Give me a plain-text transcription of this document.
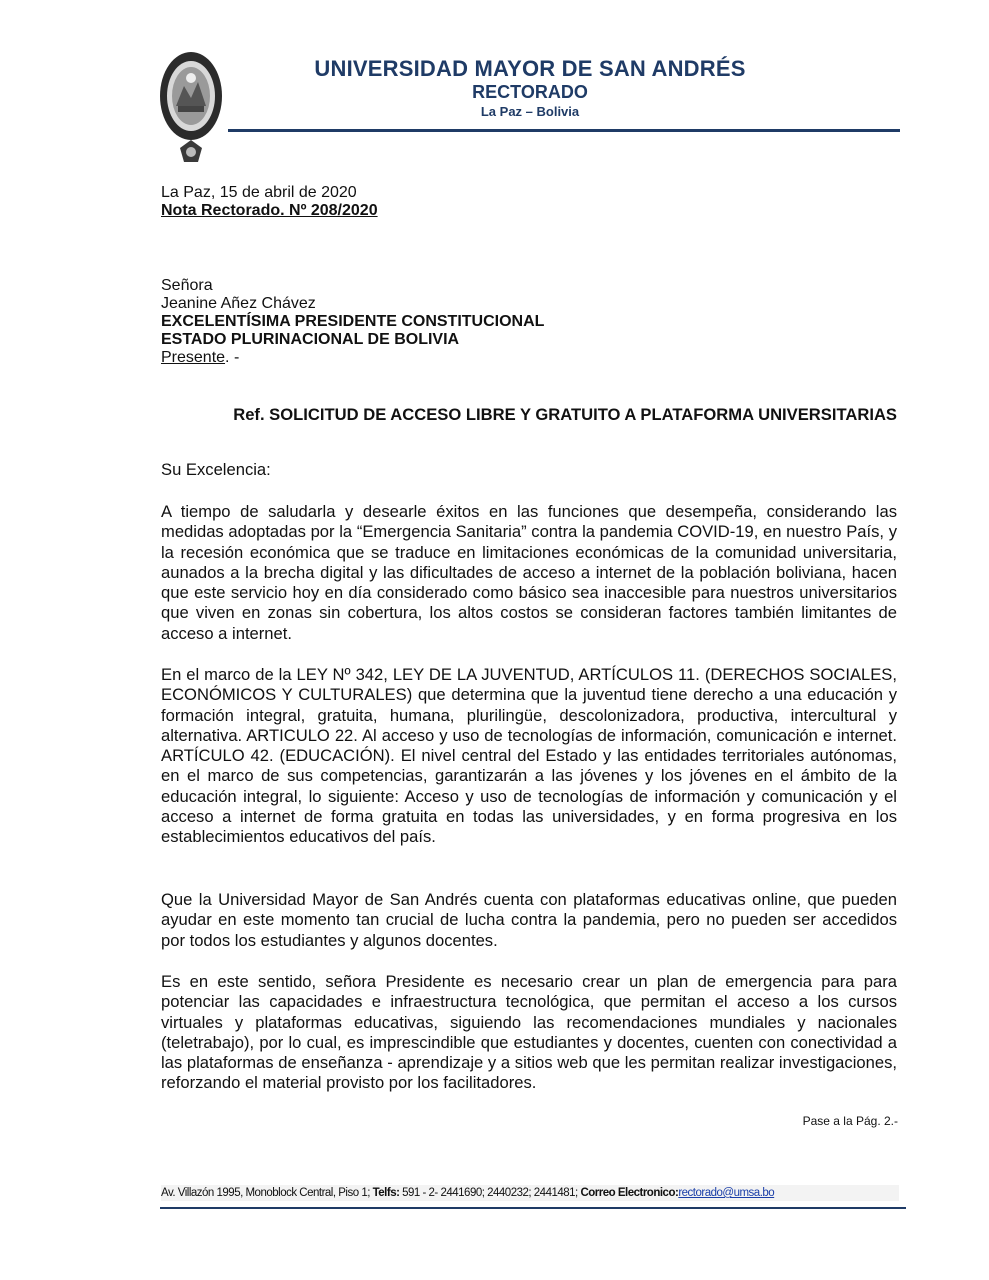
UNIVERSIDAD MAYOR DE SAN ANDRÉS
RECTORADO
La Paz – Bolivia
La Paz, 15 de abril de 2020
Nota Rectorado. Nº 208/2020
Señora
Jeanine Añez Chávez
EXCELENTÍSIMA PRESIDENTE CONSTITUCIONAL
ESTADO PLURINACIONAL DE BOLIVIA
Presente. -
Ref. SOLICITUD DE ACCESO LIBRE Y GRATUITO A PLATAFORMA UNIVERSITARIAS
Su Excelencia:
A tiempo de saludarla y desearle éxitos en las funciones que desempeña, considerando las medidas adoptadas por la “Emergencia Sanitaria” contra la pandemia COVID-19, en nuestro País, y la recesión económica que se traduce en limitaciones económicas de la comunidad universitaria, aunados a la brecha digital y las dificultades de acceso a internet de la población boliviana, hacen que este servicio hoy en día considerado como básico sea inaccesible para nuestros universitarios que viven en zonas sin cobertura, los altos costos se consideran factores también limitantes de acceso a internet.
En el marco de la LEY Nº 342, LEY DE LA JUVENTUD, ARTÍCULOS 11. (DERECHOS SOCIALES, ECONÓMICOS Y CULTURALES) que determina que la juventud tiene derecho a una educación y formación integral, gratuita, humana, plurilingüe, descolonizadora, productiva, intercultural y alternativa. ARTICULO 22. Al acceso y uso de tecnologías de información, comunicación e internet. ARTÍCULO 42. (EDUCACIÓN). El nivel central del Estado y las entidades territoriales autónomas, en el marco de sus competencias, garantizarán a las jóvenes y los jóvenes en el ámbito de la educación integral, lo siguiente: Acceso y uso de tecnologías de información y comunicación y el acceso a internet de forma gratuita en todas las universidades, y en forma progresiva en los establecimientos educativos del país.
Que la Universidad Mayor de San Andrés cuenta con plataformas educativas online, que pueden ayudar en este momento tan crucial de lucha contra la pandemia, pero no pueden ser accedidos por todos los estudiantes y algunos docentes.
Es en este sentido, señora Presidente es necesario crear un plan de emergencia para para potenciar las capacidades e infraestructura tecnológica, que permitan el acceso a los cursos virtuales y plataformas educativas, siguiendo las recomendaciones mundiales y nacionales (teletrabajo), por lo cual, es imprescindible que estudiantes y docentes, cuenten con conectividad a las plataformas de enseñanza - aprendizaje y a sitios web que les permitan realizar investigaciones, reforzando el material provisto por los facilitadores.
Pase a la Pág. 2.-
Av. Villazón 1995, Monoblock Central, Piso 1; Telfs: 591 - 2- 2441690; 2440232; 2441481; Correo Electronico:rectorado@umsa.bo
